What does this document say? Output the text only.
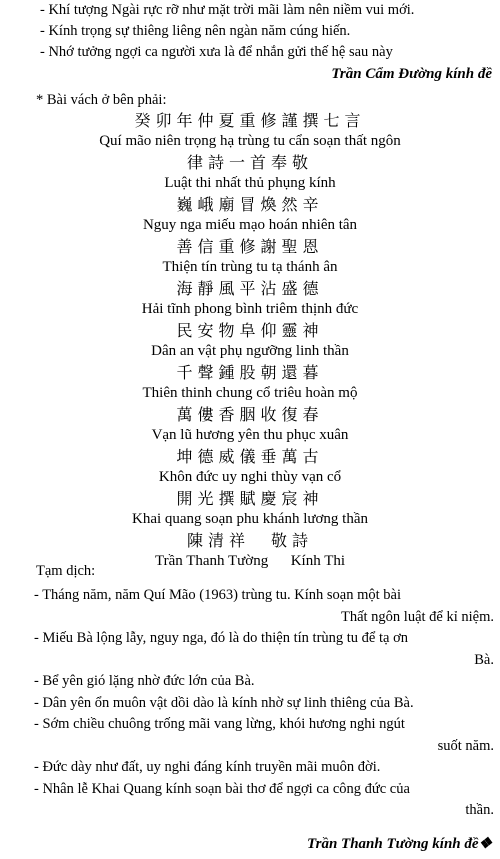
- Khí tượng Ngài rực rỡ như mặt trời mãi làm nên niềm vui mới.
- Kính trọng sự thiêng liêng nên ngàn năm cúng hiến.
- Nhớ tưởng ngợi ca người xưa là để nhắn gửi thế hệ sau này
Trần Cẩm Đường kính đề
* Bài vách ở bên phải:
癸卯年仲夏重修謹撰七言
Quí mão niên trọng hạ trùng tu cẩn soạn thất ngôn
律詩一首奉敬
Luật thi nhất thủ phụng kính
巍峨廟冒煥然辛
Nguy nga miếu mạo hoán nhiên tân
善信重修謝聖恩
Thiện tín trùng tu tạ thánh ân
海靜風平沾盛德
Hải tĩnh phong bình triêm thịnh đức
民安物阜仰靈神
Dân an vật phụ ngưỡng linh thần
千聲鍾股朝還暮
Thiên thinh chung cổ triêu hoàn mộ
萬僂香胭收復春
Vạn lũ hương yên thu phục xuân
坤德威儀垂萬古
Khôn đức uy nghi thùy vạn cổ
開光撰賦慶宸神
Khai quang soạn phu khánh lương thần
陳清祥　敬詩
Trần Thanh Tường      Kính Thi
Tạm dịch:
- Tháng năm, năm Quí Mão (1963) trùng tu. Kính soạn một bài
Thất ngôn luật để kỉ niệm.
- Miếu Bà lộng lẫy, nguy nga, đó là do thiện tín trùng tu để tạ ơn
Bà.
- Bể yên gió lặng nhờ đức lớn của Bà.
- Dân yên ổn muôn vật dồi dào là kính nhờ sự linh thiêng của Bà.
- Sớm chiều chuông trống mãi vang lừng, khói hương nghi ngút
suốt năm.
- Đức dày như đất, uy nghi đáng kính truyền mãi muôn đời.
- Nhân lễ Khai Quang kính soạn bài thơ để ngợi ca công đức của
thần.
Trần Thanh Tường kính đề❖
